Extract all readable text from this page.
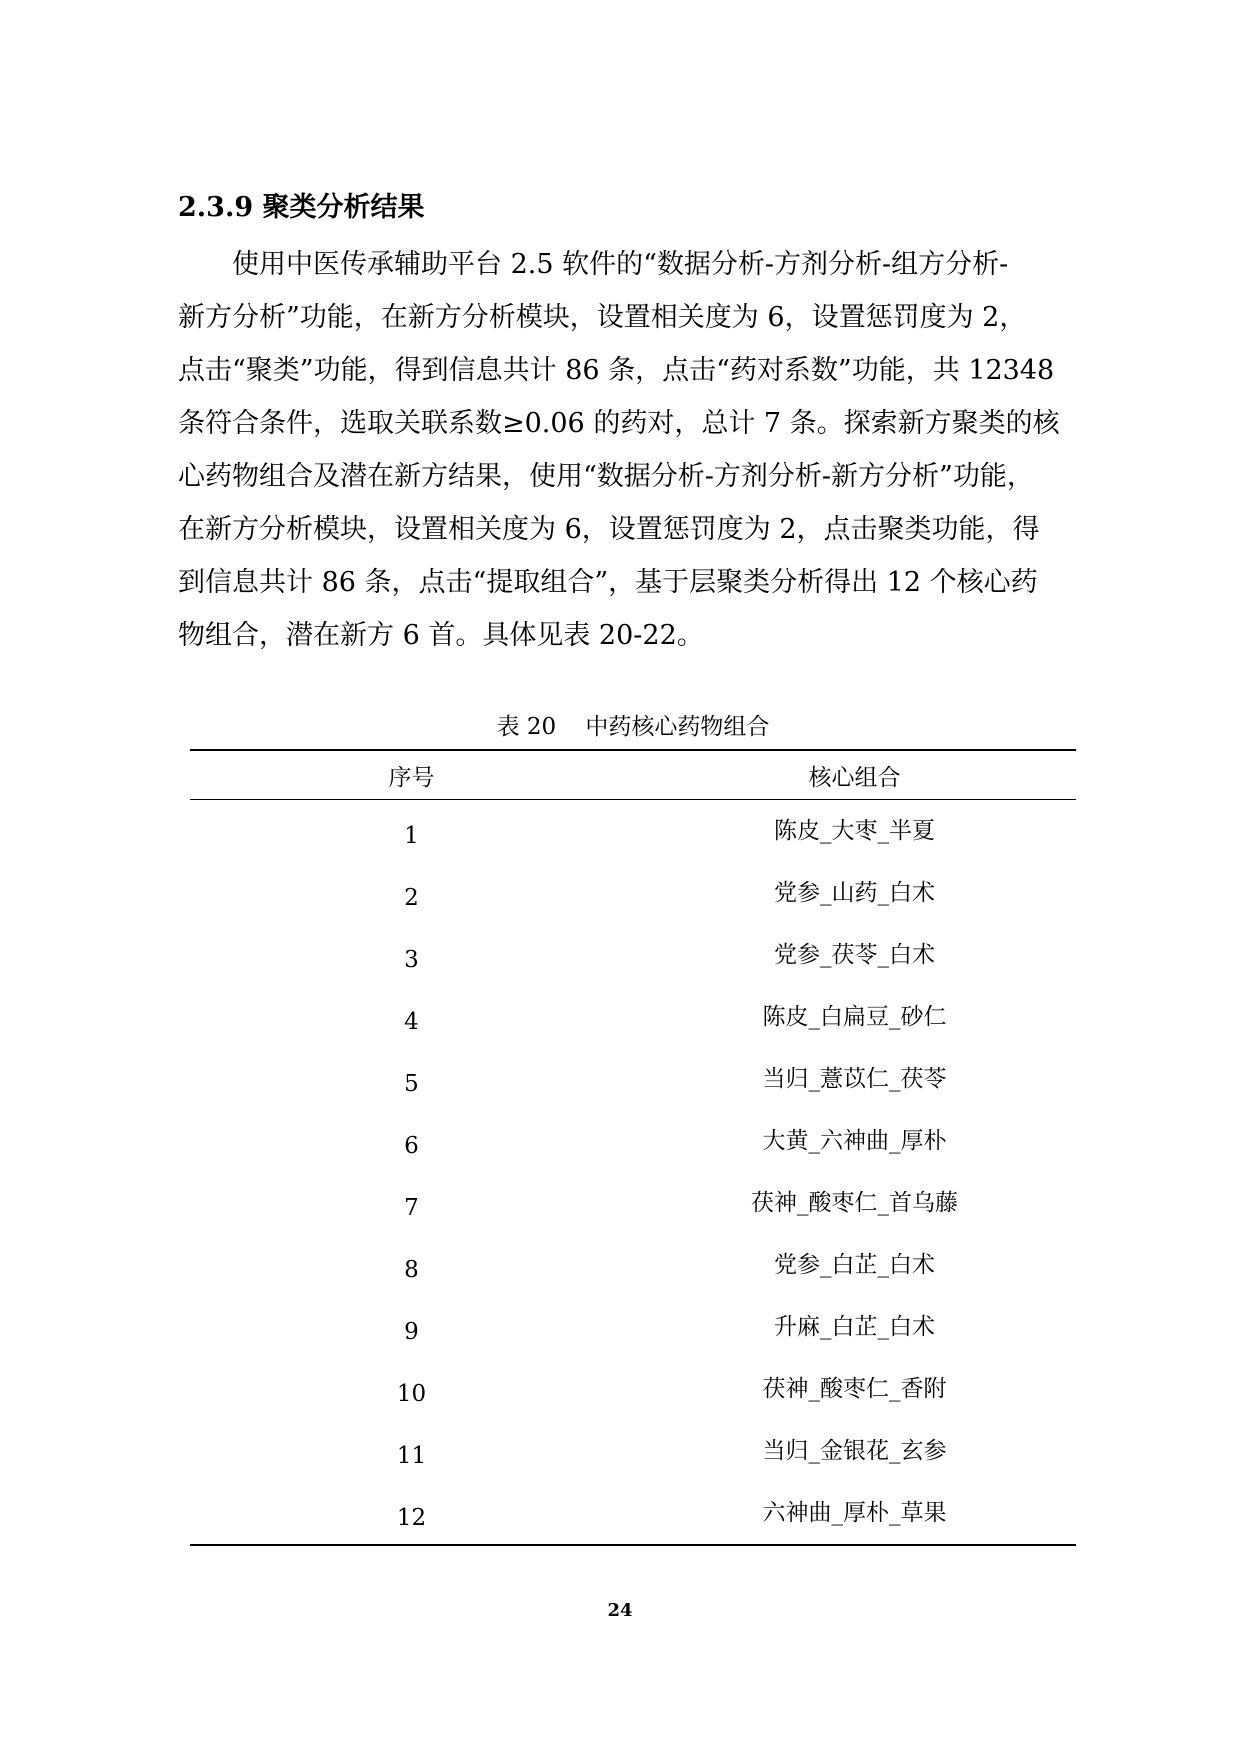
2.3.9 聚类分析结果
使用中医传承辅助平台 2.5 软件的“数据分析-方剂分析-组方分析-
新方分析”功能，在新方分析模块，设置相关度为 6，设置惩罚度为 2，
点击“聚类”功能，得到信息共计 86 条，点击“药对系数”功能，共 12348
条符合条件，选取关联系数≥0.06 的药对，总计 7 条。探索新方聚类的核
心药物组合及潜在新方结果，使用“数据分析-方剂分析-新方分析”功能，
在新方分析模块，设置相关度为 6，设置惩罚度为 2，点击聚类功能，得
到信息共计 86 条，点击“提取组合”，基于层聚类分析得出 12 个核心药
物组合，潜在新方 6 首。具体见表 20-22。
表 20    中药核心药物组合
序号	核心组合
1	陈皮_大枣_半夏
2	党参_山药_白术
3	党参_茯苓_白术
4	陈皮_白扁豆_砂仁
5	当归_薏苡仁_茯苓
6	大黄_六神曲_厚朴
7	茯神_酸枣仁_首乌藤
8	党参_白芷_白术
9	升麻_白芷_白术
10	茯神_酸枣仁_香附
11	当归_金银花_玄参
12	六神曲_厚朴_草果
24
